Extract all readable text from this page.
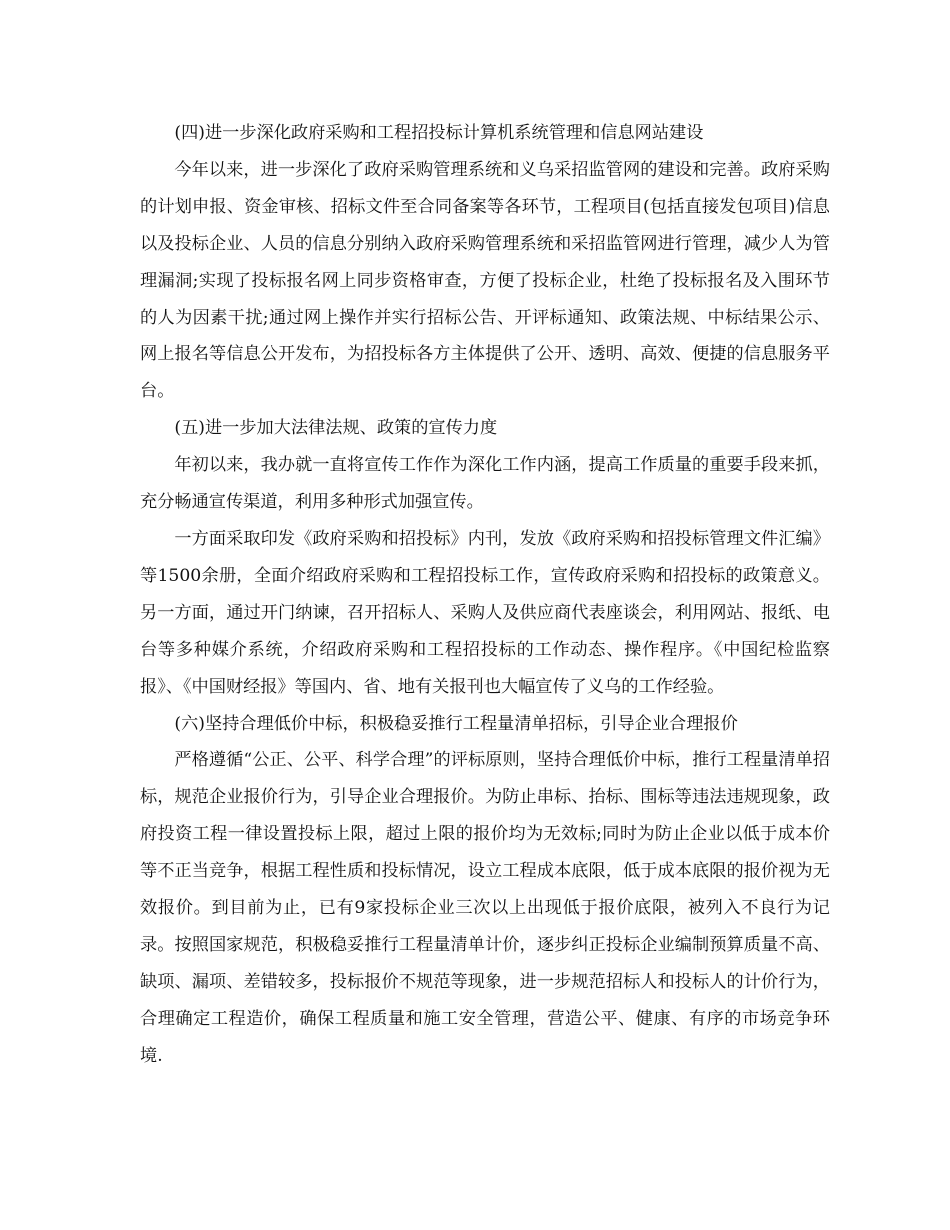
(四)进一步深化政府采购和工程招投标计算机系统管理和信息网站建设

今年以来，进一步深化了政府采购管理系统和义乌采招监管网的建设和完善。政府采购的计划申报、资金审核、招标文件至合同备案等各环节，工程项目(包括直接发包项目)信息以及投标企业、人员的信息分别纳入政府采购管理系统和采招监管网进行管理，减少人为管理漏洞;实现了投标报名网上同步资格审查，方便了投标企业，杜绝了投标报名及入围环节的人为因素干扰;通过网上操作并实行招标公告、开评标通知、政策法规、中标结果公示、网上报名等信息公开发布，为招投标各方主体提供了公开、透明、高效、便捷的信息服务平台。

(五)进一步加大法律法规、政策的宣传力度

年初以来，我办就一直将宣传工作作为深化工作内涵，提高工作质量的重要手段来抓，充分畅通宣传渠道，利用多种形式加强宣传。

一方面采取印发《政府采购和招投标》内刊，发放《政府采购和招投标管理文件汇编》等1500余册，全面介绍政府采购和工程招投标工作，宣传政府采购和招投标的政策意义。另一方面，通过开门纳谏，召开招标人、采购人及供应商代表座谈会，利用网站、报纸、电台等多种媒介系统，介绍政府采购和工程招投标的工作动态、操作程序。《中国纪检监察报》、《中国财经报》等国内、省、地有关报刊也大幅宣传了义乌的工作经验。

(六)坚持合理低价中标，积极稳妥推行工程量清单招标，引导企业合理报价

严格遵循“公正、公平、科学合理”的评标原则，坚持合理低价中标，推行工程量清单招标，规范企业报价行为，引导企业合理报价。为防止串标、抬标、围标等违法违规现象，政府投资工程一律设置投标上限，超过上限的报价均为无效标;同时为防止企业以低于成本价等不正当竞争，根据工程性质和投标情况，设立工程成本底限，低于成本底限的报价视为无效报价。到目前为止，已有9家投标企业三次以上出现低于报价底限，被列入不良行为记录。按照国家规范，积极稳妥推行工程量清单计价，逐步纠正投标企业编制预算质量不高、缺项、漏项、差错较多，投标报价不规范等现象，进一步规范招标人和投标人的计价行为，合理确定工程造价，确保工程质量和施工安全管理，营造公平、健康、有序的市场竞争环境.
